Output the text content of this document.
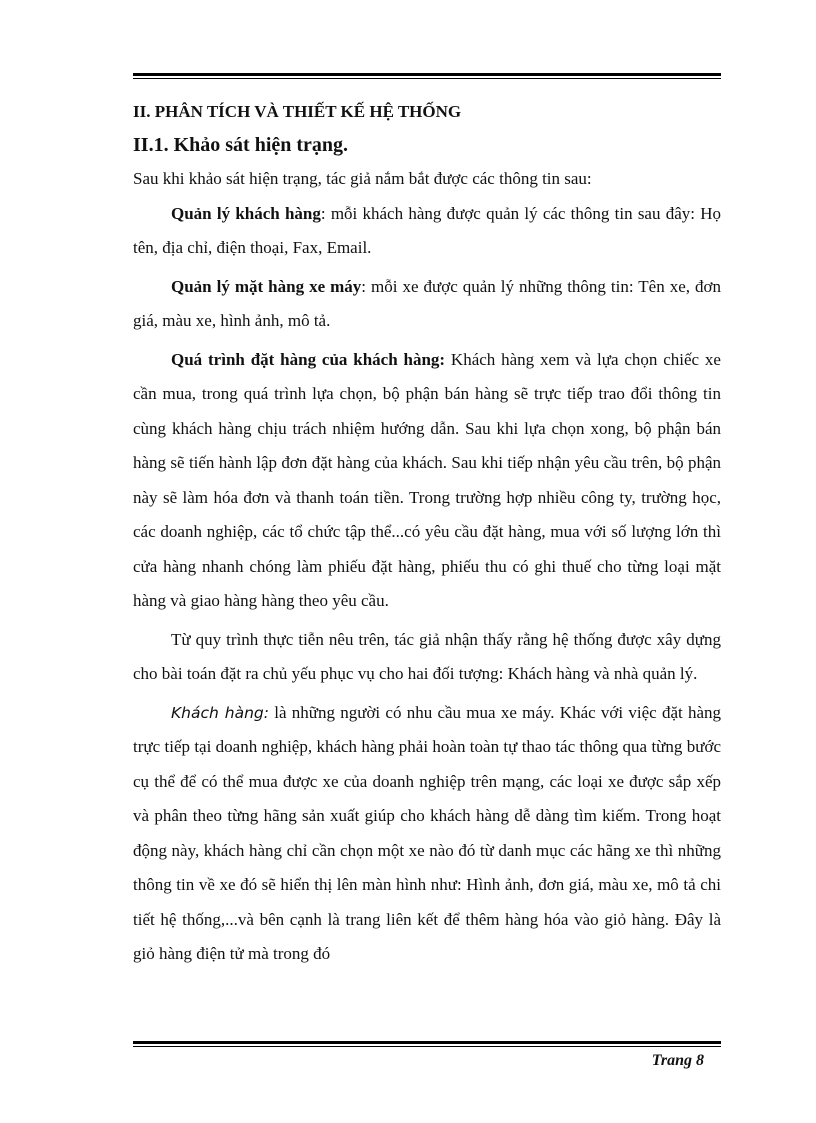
II. PHÂN TÍCH VÀ THIẾT KẾ HỆ THỐNG
II.1. Khảo sát hiện trạng.

Sau khi khảo sát hiện trạng, tác giả nắm bắt được các thông tin sau:

Quản lý khách hàng: mỗi khách hàng được quản lý các thông tin sau đây: Họ tên, địa chỉ, điện thoại, Fax, Email.

Quản lý mặt hàng xe máy: mỗi xe được quản lý những thông tin: Tên xe, đơn giá, màu xe, hình ảnh, mô tả.

Quá trình đặt hàng của khách hàng: Khách hàng xem và lựa chọn chiếc xe cần mua, trong quá trình lựa chọn, bộ phận bán hàng sẽ trực tiếp trao đổi thông tin cùng khách hàng chịu trách nhiệm hướng dẫn. Sau khi lựa chọn xong, bộ phận bán hàng sẽ tiến hành lập đơn đặt hàng của khách. Sau khi tiếp nhận yêu cầu trên, bộ phận này sẽ làm hóa đơn và thanh toán tiền. Trong trường hợp nhiều công ty, trường học, các doanh nghiệp, các tổ chức tập thể...có yêu cầu đặt hàng, mua với số lượng lớn thì cửa hàng nhanh chóng làm phiếu đặt hàng, phiếu thu có ghi thuế cho từng loại mặt hàng và giao hàng hàng theo yêu cầu.

Từ quy trình thực tiễn nêu trên, tác giả nhận thấy rằng hệ thống được xây dựng cho bài toán đặt ra chủ yếu phục vụ cho hai đối tượng: Khách hàng và nhà quản lý.

Khách hàng: là những người có nhu cầu mua xe máy. Khác với việc đặt hàng trực tiếp tại doanh nghiệp, khách hàng phải hoàn toàn tự thao tác thông qua từng bước cụ thể để có thể mua được xe của doanh nghiệp trên mạng, các loại xe được sắp xếp và phân theo từng hãng sản xuất giúp cho khách hàng dễ dàng tìm kiếm. Trong hoạt động này, khách hàng chỉ cần chọn một xe nào đó từ danh mục các hãng xe thì những thông tin về xe đó sẽ hiển thị lên màn hình như: Hình ảnh, đơn giá, màu xe, mô tả chi tiết hệ thống,...và bên cạnh là trang liên kết để thêm hàng hóa vào giỏ hàng. Đây là giỏ hàng điện tử mà trong đó

Trang 8
